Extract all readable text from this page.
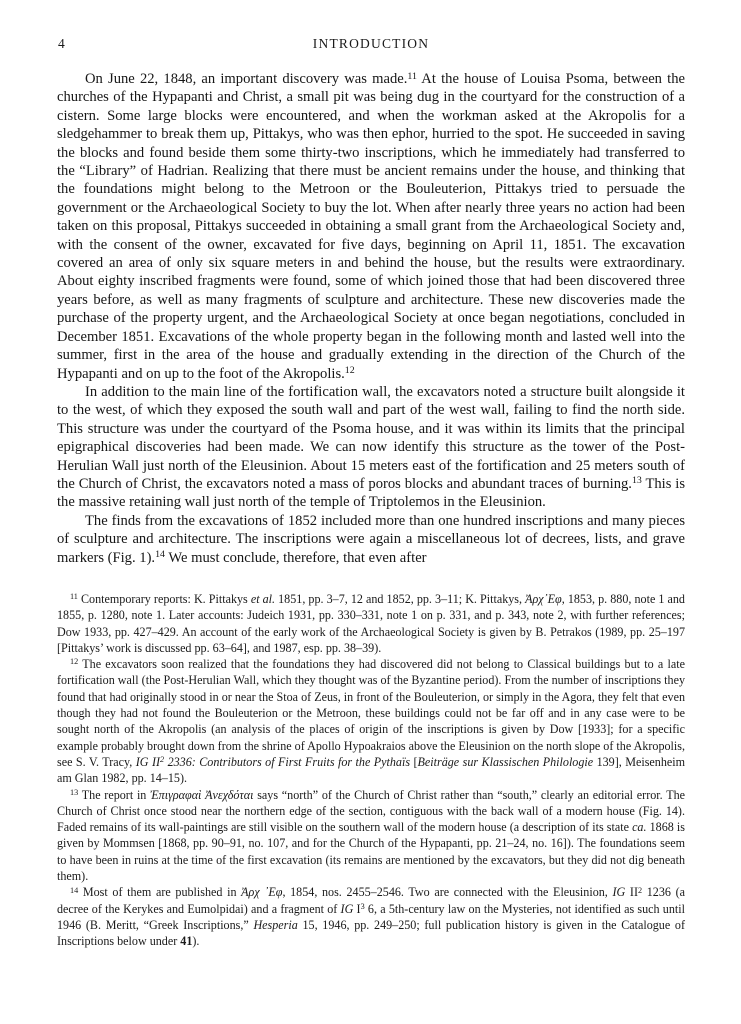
4	INTRODUCTION

On June 22, 1848, an important discovery was made.$^{11}$ At the house of Louisa Psoma, between the churches of the Hypapanti and Christ, a small pit was being dug in the courtyard for the construction of a cistern. Some large blocks were encountered, and when the workman asked at the Akropolis for a sledgehammer to break them up, Pittakys, who was then ephor, hurried to the spot. He succeeded in saving the blocks and found beside them some thirty-two inscriptions, which he immediately had transferred to the “Library” of Hadrian. Realizing that there must be ancient remains under the house, and thinking that the foundations might belong to the Metroon or the Bouleuterion, Pittakys tried to persuade the government or the Archaeological Society to buy the lot. When after nearly three years no action had been taken on this proposal, Pittakys succeeded in obtaining a small grant from the Archaeological Society and, with the consent of the owner, excavated for five days, beginning on April 11, 1851. The excavation covered an area of only six square meters in and behind the house, but the results were extraordinary. About eighty inscribed fragments were found, some of which joined those that had been discovered three years before, as well as many fragments of sculpture and architecture. These new discoveries made the purchase of the property urgent, and the Archaeological Society at once began negotiations, concluded in December 1851. Excavations of the whole property began in the following month and lasted well into the summer, first in the area of the house and gradually extending in the direction of the Church of the Hypapanti and on up to the foot of the Akropolis.$^{12}$

In addition to the main line of the fortification wall, the excavators noted a structure built alongside it to the west, of which they exposed the south wall and part of the west wall, failing to find the north side. This structure was under the courtyard of the Psoma house, and it was within its limits that the principal epigraphical discoveries had been made. We can now identify this structure as the tower of the Post-Herulian Wall just north of the Eleusinion. About 15 meters east of the fortification and 25 meters south of the Church of Christ, the excavators noted a mass of poros blocks and abundant traces of burning.$^{13}$ This is the massive retaining wall just north of the temple of Triptolemos in the Eleusinion.

The finds from the excavations of 1852 included more than one hundred inscriptions and many pieces of sculpture and architecture. The inscriptions were again a miscellaneous lot of decrees, lists, and grave markers (Fig. 1).$^{14}$ We must conclude, therefore, that even after

$^{11}$ Contemporary reports: K. Pittakys et al. 1851, pp. 3–7, 12 and 1852, pp. 3–11; K. Pittakys, Ἀρχ᾽Εφ, 1853, p. 880, note 1 and 1855, p. 1280, note 1. Later accounts: Judeich 1931, pp. 330–331, note 1 on p. 331, and p. 343, note 2, with further references; Dow 1933, pp. 427–429. An account of the early work of the Archaeological Society is given by B. Petrakos (1989, pp. 25–197 [Pittakys’ work is discussed pp. 63–64], and 1987, esp. pp. 38–39).

$^{12}$ The excavators soon realized that the foundations they had discovered did not belong to Classical buildings but to a late fortification wall (the Post-Herulian Wall, which they thought was of the Byzantine period). From the number of inscriptions they found that had originally stood in or near the Stoa of Zeus, in front of the Bouleuterion, or simply in the Agora, they felt that even though they had not found the Bouleuterion or the Metroon, these buildings could not be far off and in any case were to be sought north of the Akropolis (an analysis of the places of origin of the inscriptions is given by Dow [1933]; for a specific example probably brought down from the shrine of Apollo Hypoakraios above the Eleusinion on the north slope of the Akropolis, see S. V. Tracy, IG $II^2$ 2336: Contributors of First Fruits for the Pythaïs [Beiträge sur Klassischen Philologie 139], Meisenheim am Glan 1982, pp. 14–15).

$^{13}$ The report in Ἐπιγραφαὶ Ἀνεχδόται says “north” of the Church of Christ rather than “south,” clearly an editorial error. The Church of Christ once stood near the northern edge of the section, contiguous with the back wall of a modern house (Fig. 14). Faded remains of its wall-paintings are still visible on the southern wall of the modern house (a description of its state ca. 1868 is given by Mommsen [1868, pp. 90–91, no. 107, and for the Church of the Hypapanti, pp. 21–24, no. 16]). The foundations seem to have been in ruins at the time of the first excavation (its remains are mentioned by the excavators, but they did not dig beneath them).

$^{14}$ Most of them are published in Ἀρχ ᾽Εφ, 1854, nos. 2455–2546. Two are connected with the Eleusinion, IG $II^2$ 1236 (a decree of the Kerykes and Eumolpidai) and a fragment of IG $I^3$ 6, a 5th-century law on the Mysteries, not identified as such until 1946 (B. Meritt, “Greek Inscriptions,” Hesperia 15, 1946, pp. 249–250; full publication history is given in the Catalogue of Inscriptions below under 41).
